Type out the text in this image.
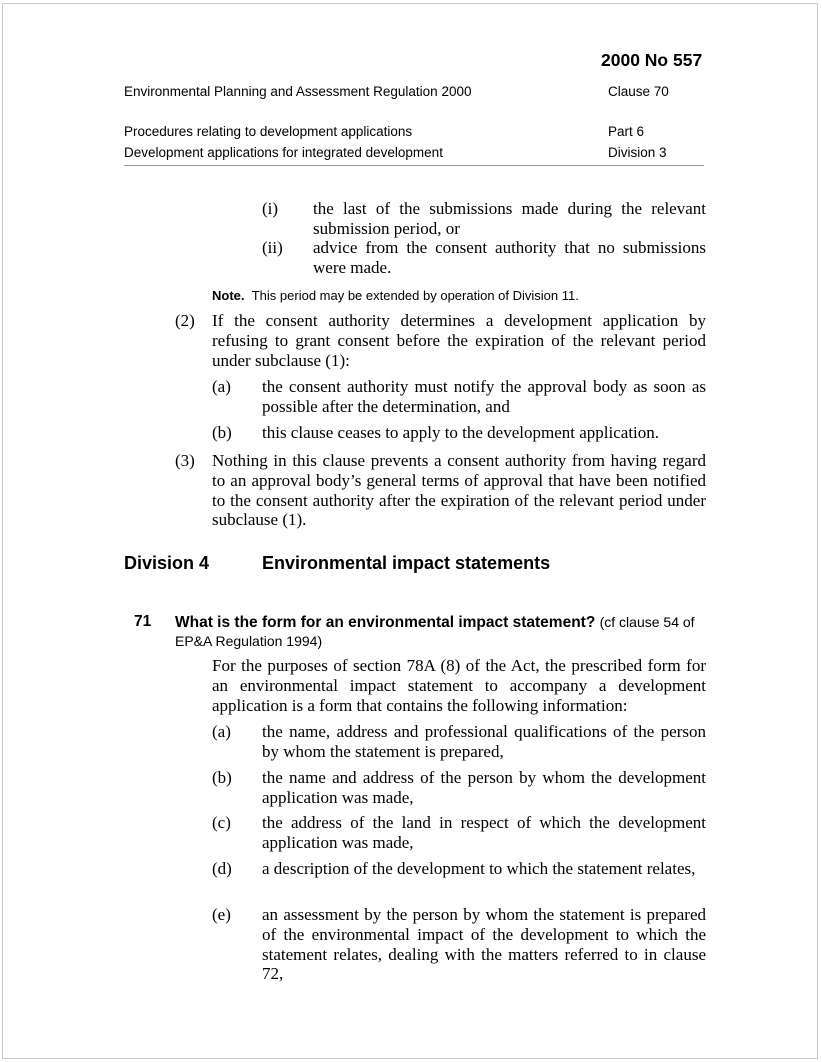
2000 No 557
Environmental Planning and Assessment Regulation 2000	Clause 70
Procedures relating to development applications	Part 6
Development applications for integrated development	Division 3
(i) the last of the submissions made during the relevant submission period, or
(ii) advice from the consent authority that no submissions were made.
Note. This period may be extended by operation of Division 11.
(2) If the consent authority determines a development application by refusing to grant consent before the expiration of the relevant period under subclause (1):
(a) the consent authority must notify the approval body as soon as possible after the determination, and
(b) this clause ceases to apply to the development application.
(3) Nothing in this clause prevents a consent authority from having regard to an approval body’s general terms of approval that have been notified to the consent authority after the expiration of the relevant period under subclause (1).
Division 4	Environmental impact statements
71 What is the form for an environmental impact statement? (cf clause 54 of EP&A Regulation 1994)
For the purposes of section 78A (8) of the Act, the prescribed form for an environmental impact statement to accompany a development application is a form that contains the following information:
(a) the name, address and professional qualifications of the person by whom the statement is prepared,
(b) the name and address of the person by whom the development application was made,
(c) the address of the land in respect of which the development application was made,
(d) a description of the development to which the statement relates,
(e) an assessment by the person by whom the statement is prepared of the environmental impact of the development to which the statement relates, dealing with the matters referred to in clause 72,
